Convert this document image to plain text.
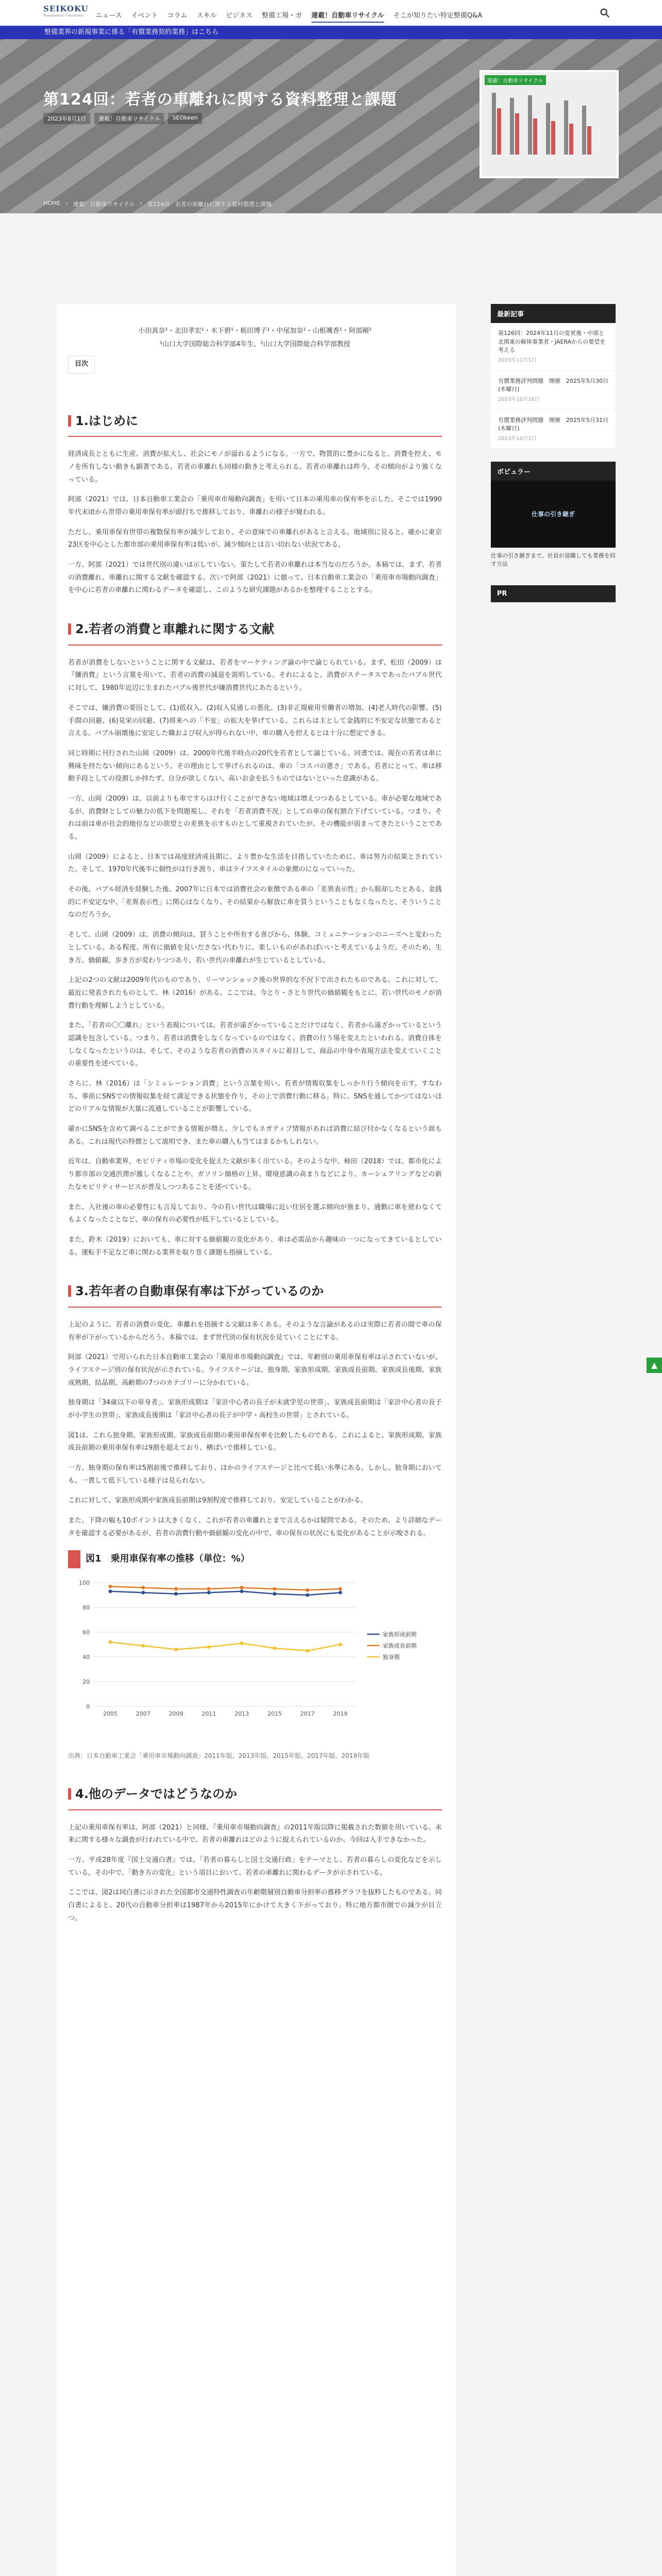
SEIKOKU
Management Consultants	ニュース イベント コラム スキル ビジネス 整備工場・ガ 連載！自動車リサイクル そこが知りたい特定整備Q&A
整備業界の新規事業に係る「有償業務契約業務」はこちら
第124回：若者の車離れに関する資料整理と課題
2023年8月1日	連載！自動車リサイクル	SEOkeen
連載！自動車リサイクル
HOME › 連載！自動車リサイクル › 第124回：若者の車離れに関する資料整理と課題
小田真奈¹・北田孝宏¹・木下碧¹・栃田博子¹・中尾加奈¹・山根颯香¹・阿部剛²
¹山口大学国際総合科学部4年生、²山口大学国際総合科学部教授
目次
1.はじめに

経済成長とともに生産、消費が拡大し、社会にモノが溢れるようになる。一方で、物質的に豊かになると、消費を控え、モノを所有しない動きも顕著である。若者の車離れも同様の動きと考えられる。若者の車離れは昨今、その傾向がより強くなっている。

阿部（2021）では、日本自動車工業会の「乗用車市場動向調査」を用いて日本の乗用車の保有率を示した。そこでは1990年代末頃から世帯の乗用車保有率が頭打ちで推移しており、車離れの様子が窺われる。

ただし、乗用車保有世帯の複数保有率が減少しており、その意味での車離れがあると言える。地域別に見ると、確かに東京23区を中心とした都市部の乗用車保有率は低いが、減少傾向とは言い切れない状況である。

一方、阿部（2021）では世代別の違いは示していない。第たして若者の車離れは本当なのだろうか。本稿では、まず、若者の消費離れ、車離れに関する文献を確認する。次いで阿部（2021）に倣って、日本自動車工業会の「乗用車市場動向調査」を中心に若者の車離れに関わるデータを確認し、このような研究課題があるかを整理することとする。

2.若者の消費と車離れに関する文献

若者が消費をしないということに関する文献は、若者をマーケティング論の中で論じられている。まず、松田（2009）は『嫌消費』という言葉を用いて、若者の消費の減退を説明している。それによると、消費がステータスであったバブル世代に対して、1980年近辺に生まれたバブル後世代が嫌消費世代にあたるという。

そこでは、嫌消費の要因として、(1)低収入、(2)収入見通しの悪化、(3)非正規雇用労働者の増加、(4)老人時代の影響、(5)手間の回避、(6)見栄の回避、(7)将来への「不安」の拡大を挙げている。これらは主として金銭的に不安定な状態であると言える。バブル崩壊後に安定した職および収入が得られない中、車の購入を控えるとは十分に想定できる。

同じ時期に刊行された山岡（2009）は、2000年代後半時点の20代を若者として論じている。同書では、現在の若者は車に興味を持たない傾向にあるという。その理由として挙げられるのは、車の「コスパの悪さ」である。若者にとって、車は移動手段としての役割しか持たず、自分が欲しくない、高いお金を払うものではないといった意識がある。

一方、山岡（2009）は、以前よりも車ですらはけ行くことができない地域は増えつつあるとしている。車が必要な地域であるが、消費財としての魅力の低下を問題視し、それを「若者消費不況」としての車の保有割合下げていている。つまり、それは前は車が社会的地位などの欲望との差異を示すものとして重視されていたが、その機能が弱まってきたということである。

山岡（2009）によると、日本では高度経済成長期に、より豊かな生活を目指していたために、車は努力の結果とされていた。そして、1970年代後半に個性がは行き渡り、車はライフスタイルの象徴のになっていった。

その後、バブル経済を経験した後、2007年に日本では消費社会の象徴である車の「差異表示性」から脱却したとある。金銭的に不安定な中、「差異表示性」に関心はなくなり、その結果から解放に車を買うということもなくなったと、そういうことなのだろうか。

そして、山岡（2009）は、消費の傾向は、買うことや所有する喜びから、体験、コミュニケーションのニーズへと変わったとしている。ある程度、所有に価値を見いださない代わりに、楽しいものがあればいいと考えているようだ。そのため、生き方、価値観、歩き方が変わりつつあり、若い世代の車離れが生じているとしている。

上記の2つの文献は2009年代のものであり、リーマンショック後の世界的な不況下で出されたものである。これに対して、最近に発表されたものとして、林（2016）がある。ここでは、今とり・さとり世代の価値観をもとに、若い世代のモノが消費行動を理解しようとしている。

また、「若者の〇〇離れ」という表現については、若者が遠ざかっていることだけではなく、若者から遠ざかっているという認識を包含している。つまり、若者は消費をしなくなっているのではなく、消費の行う場を変えたといわれる。消費自体をしなくなったというのは、そして、そのような若者の消費のスタイルに着目して、商品の中身や表現方法を変えていくことの重要性を述べている。

さらに、林（2016）は「シミュレーション消費」という言葉を用い、若者が情報収集をしっかり行う傾向を示す。すなわち、事前にSNSでの情報収集を経て満足できる状態を作り、その上で消費行動に移る。特に、SNSを通してかつてはないほどのリアルな情報が大量に流通していることが影響している。

確かにSNSを含めて調べることができる情報が増え、少しでもネガティブ情報があれば消費に結び付かなくなるという面もある。これは現代の特徴として説明でき、また車の購入も当てはまるかもしれない。

近年は、自動車業界、モビリティ市場の変化を捉えた文献が多く出ている。そのような中、柿田（2018）では、都市化により都市部の交通渋滞が激しくなることや、ガソリン価格の上昇、環境意識の高まりなどにより、カーシェアリングなどの新たなモビリティサービスが普及しつつあることを述べている。

また、入社後の車の必要性にも言及しており、今の若い世代は職場に近い住居を選ぶ傾向が強まり、通勤に車を使わなくてもよくなったことなど、車の保有の必要性が低下しているとしている。

また、鈴木（2019）においても、車に対する価値観の変化があり、車は必需品から趣味の一つになってきているとしている。運転手不足など車に関わる業界を取り巻く課題も指摘している。

3.若年者の自動車保有率は下がっているのか

上記のように、若者の消費の変化、車離れを指摘する文献は多くある。そのような言論があるのは実際に若者の間で車の保有率が下がっているからだろう。本稿では、まず世代別の保有状況を見ていくことにする。

阿部（2021）で用いられた日本自動車工業会の『乗用車市場動向調査』では、年齢別の乗用車保有率は示されていないが、ライフステージ別の保有状況が示されている。ライフステージは、独身期、家族形成期、家族成長前期、家族成長後期、家族成熟期、結晶期、高齢期の7つのカテゴリーに分かれている。

独身期は「34歳以下の単身者」、家族形成期は「家計中心者の長子が未就学児の世帯」、家族成長前期は「家計中心者の長子が小学生の世帯」、家族成長後期は「家計中心者の長子が中学・高校生の世帯」とされている。

図1は、これら独身期、家族形成期、家族成長前期の乗用車保有率を比較したものである。これによると、家族形成期、家族成長前期の乗用車保有率は9割を超えており、横ばいで推移している。

一方、独身期の保有率は5割前後で推移しており、ほかのライフステージと比べて低い水準にある。しかし、独身期においても、一貫して低下している様子は見られない。

これに対して、家族形成期や家族成長前期は9割程度で推移しており、安定していることがわかる。

また、下降の幅も10ポイントは大きくなく、これが若者の車離れとまで言えるかは疑問である。そのため、より詳細なデータを確認する必要があるが、若者の消費行動や価値観の変化の中で、車の保有の状況にも変化があることが示唆される。

図1　乗用車保有率の推移（単位：%）
0
20
40
60
80
100
2005	2007	2009	2011	2013	2015	2017	2019
家族形成前期
家族成長前期
独身期
出典：日本自動車工業会「乗用車市場動向調査」2011年版、2013年版、2015年版、2017年版、2019年版
4.他のデータではどうなのか

上記の乗用車保有率は、阿部（2021）と同様、『乗用車市場動向調査』の2011年版以降に掲載された数値を用いている。未来に関する様々な調査が行われている中で、若者の車離れはどのように捉えられているのか、今回は入手できなかった。

一方、平成28年度『国土交通白書』では、「若者の暮らしと国土交通行政」をテーマとし、若者の暮らしの変化などを示している。その中で、「動き方の変化」という項目において、若者の車離れに関わるデータが示されている。

ここでは、図2は同白書に示された全国都市交通特性調査の年齢階層別自動車分担率の推移グラフを抜粋したものである。同白書によると、20代の自動車分担率は1987年から2015年にかけて大きく下がっており、特に地方都市圏での減少が目立つ。

▲
最新記事
第126回：2024年11月の変更後・中部と北関東の解体事業者・JAERAからの要望を考える
2023年11月1日
有償業務評判問題　開催　2025年5月30日(木曜日)
2023年10月16日
有償業務評判問題　開催　2025年5月31日(木曜日)
2023年10月1日
ボビュラー
仕事の引き継ぎ
仕事の引き継ぎまで、社員が退職しても業務を回す方法
PR
